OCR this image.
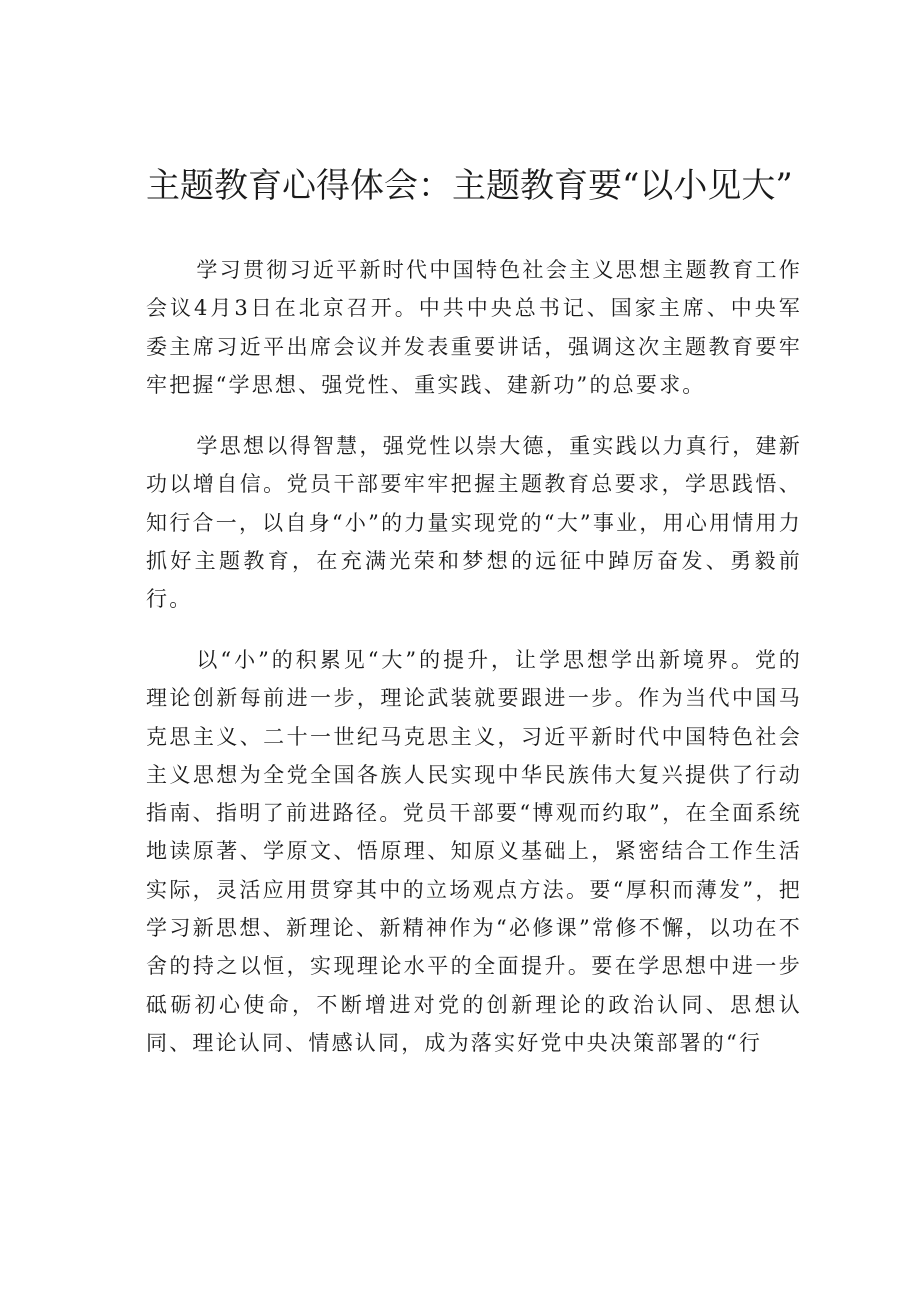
主题教育心得体会：主题教育要“以小见大”

学习贯彻习近平新时代中国特色社会主义思想主题教育工作会议4月3日在北京召开。中共中央总书记、国家主席、中央军委主席习近平出席会议并发表重要讲话，强调这次主题教育要牢牢把握“学思想、强党性、重实践、建新功”的总要求。

学思想以得智慧，强党性以崇大德，重实践以力真行，建新功以增自信。党员干部要牢牢把握主题教育总要求，学思践悟、知行合一，以自身“小”的力量实现党的“大”事业，用心用情用力抓好主题教育，在充满光荣和梦想的远征中踔厉奋发、勇毅前行。

以“小”的积累见“大”的提升，让学思想学出新境界。党的理论创新每前进一步，理论武装就要跟进一步。作为当代中国马克思主义、二十一世纪马克思主义，习近平新时代中国特色社会主义思想为全党全国各族人民实现中华民族伟大复兴提供了行动指南、指明了前进路径。党员干部要“博观而约取”，在全面系统地读原著、学原文、悟原理、知原义基础上，紧密结合工作生活实际，灵活应用贯穿其中的立场观点方法。要“厚积而薄发”，把学习新思想、新理论、新精神作为“必修课”常修不懈，以功在不舍的持之以恒，实现理论水平的全面提升。要在学思想中进一步砥砺初心使命，不断增进对党的创新理论的政治认同、思想认同、理论认同、情感认同，成为落实好党中央决策部署的“行
